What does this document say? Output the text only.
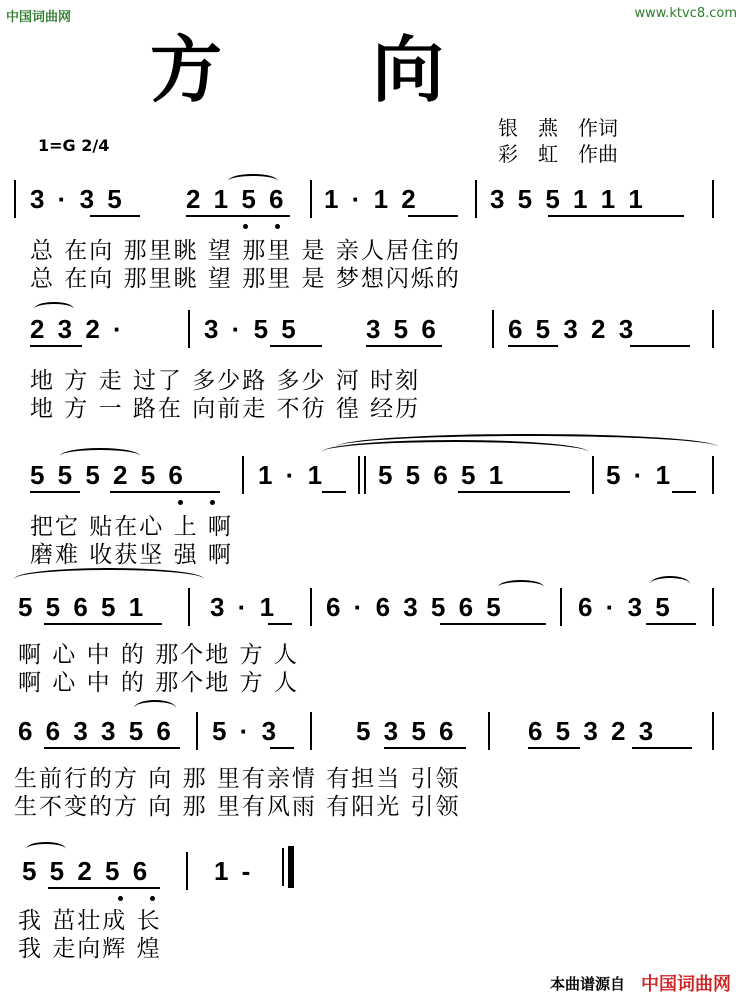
中国词曲网	www.ktvc8.com
方向
银　燕　作词
彩　虹　作曲
1=G 2/4
3 · 3 5 2 1 5 6 1 · 1 2	3 5 5 1 1 1
总 在向 那里眺 望 那里 是 亲人居住的
总 在向 那里眺 望 那里 是 梦想闪烁的
2 3 2 ·	3 · 5 5	3 5 6	6 5 3 2 3
地 方 走 过了 多少路 多少 河 时刻
地 方 一 路在 向前走 不彷 徨 经历
5 5 5 2 5 6	1 · 1 5 5 6 5 1	5 · 1
把它 贴在心 上 啊
磨难 收获坚 强 啊
5 5 6 5 1 3 · 1 6 · 6 3 5 6 5	6 · 3 5
啊 心 中 的 那个地 方 人
啊 心 中 的 那个地 方 人
6 6 3 3 5 6 5 · 3	5 3 5 6	6 5 3 2 3
生前行的方 向 那 里有亲情 有担当 引领
生不变的方 向 那 里有风雨 有阳光 引领
5 5 2 5 6 1 -
我 茁壮成 长
我 走向辉 煌
本曲谱源自 中国词曲网
